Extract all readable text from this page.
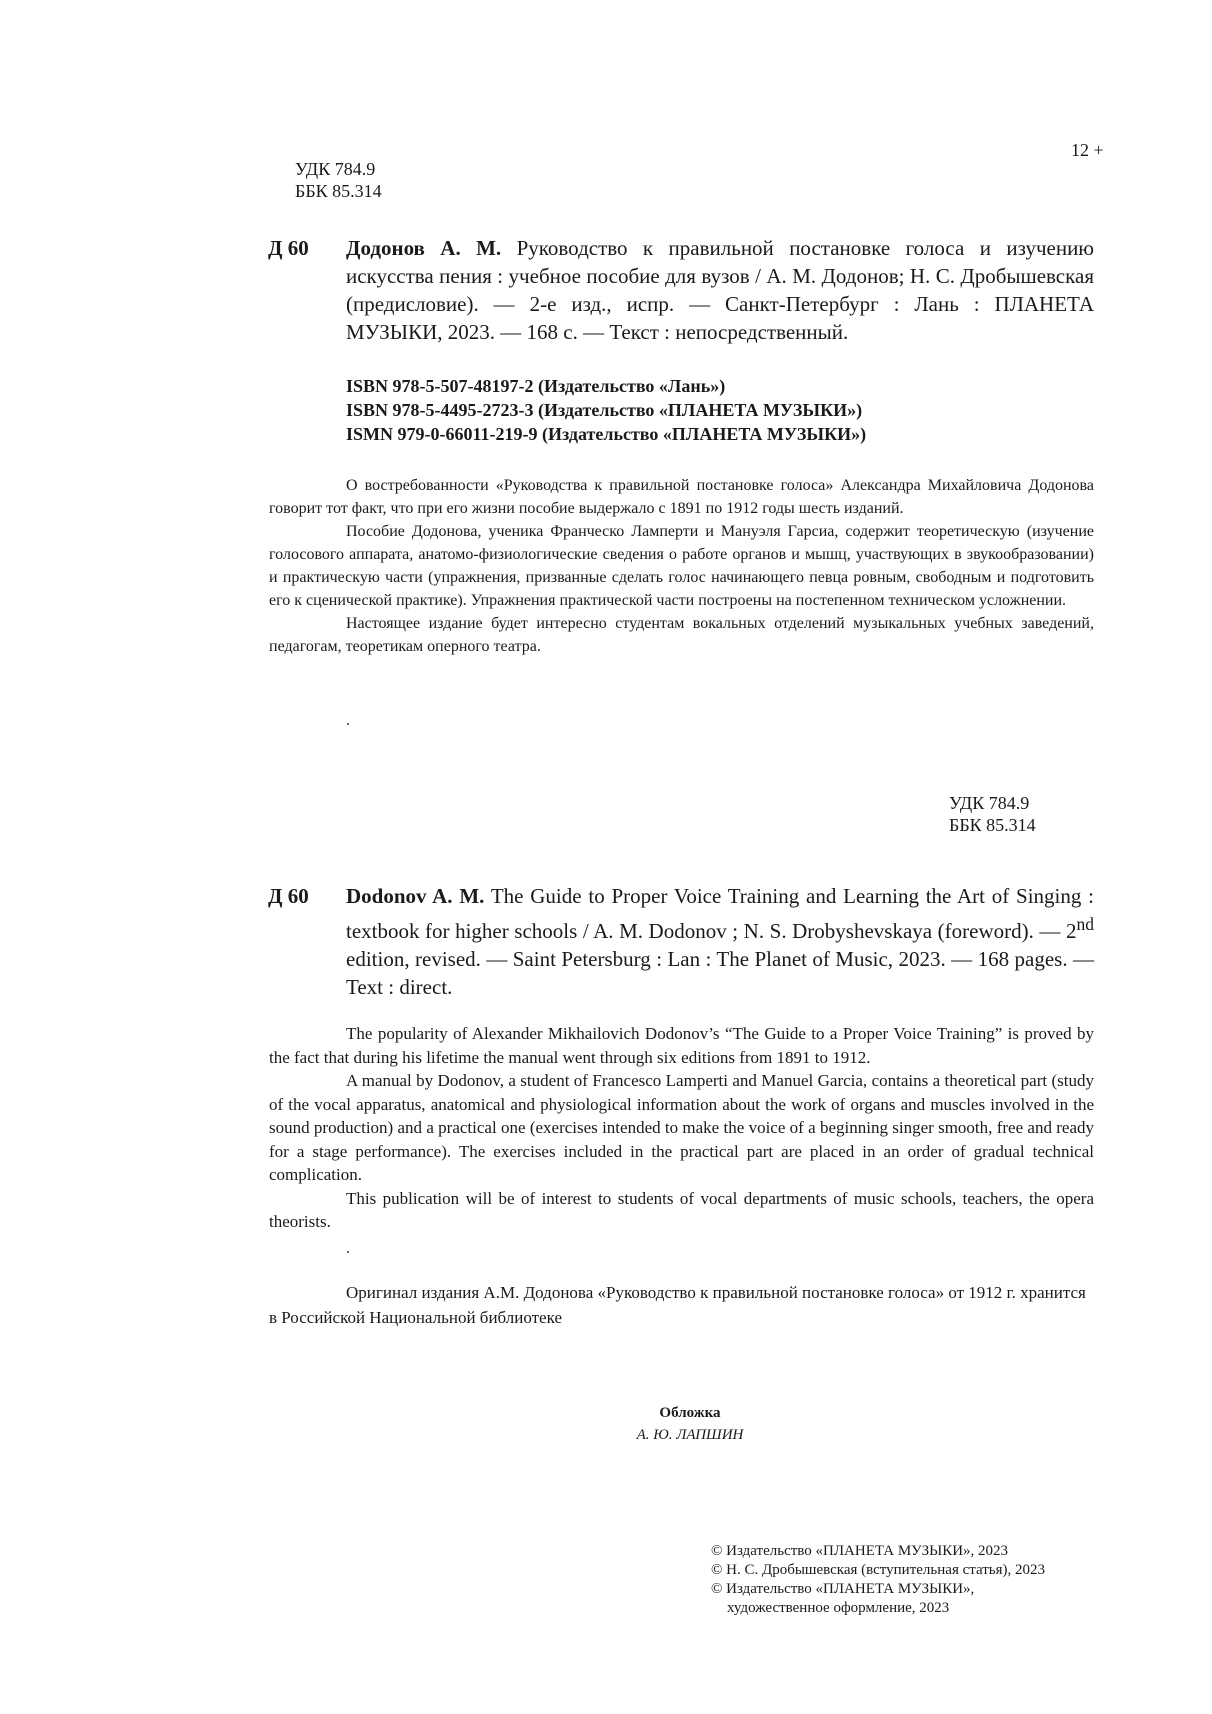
12 +
УДК 784.9
ББК 85.314
Д 60 Додонов А. М. Руководство к правильной постановке голоса и изучению искусства пения : учебное пособие для вузов / А. М. Додонов; Н. С. Дробышевская (предисловие). — 2-е изд., испр. — Санкт-Петербург : Лань : ПЛАНЕТА МУЗЫКИ, 2023. — 168 с. — Текст : непосредственный.
ISBN 978-5-507-48197-2 (Издательство «Лань»)
ISBN 978-5-4495-2723-3 (Издательство «ПЛАНЕТА МУЗЫКИ»)
ISMN 979-0-66011-219-9 (Издательство «ПЛАНЕТА МУЗЫКИ»)

О востребованности «Руководства к правильной постановке голоса» Александра Михайловича Додонова говорит тот факт, что при его жизни пособие выдержало с 1891 по 1912 годы шесть изданий.

Пособие Додонова, ученика Франческо Ламперти и Мануэля Гарсиа, содержит теоретическую (изучение голосового аппарата, анатомо-физиологические сведения о работе органов и мышц, участвующих в звукообразовании) и практическую части (упражнения, призванные сделать голос начинающего певца ровным, свободным и подготовить его к сценической практике). Упражнения практической части построены на постепенном техническом усложнении.

Настоящее издание будет интересно студентам вокальных отделений музыкальных учебных заведений, педагогам, теоретикам оперного театра.

.
УДК 784.9
ББК 85.314
Д 60 Dodonov A. M. The Guide to Proper Voice Training and Learning the Art of Singing : textbook for higher schools / A. M. Dodonov ; N. S. Drobyshevskaya (foreword). — 2nd edition, revised. — Saint Petersburg : Lan : The Planet of Music, 2023. — 168 pages. — Text : direct.

The popularity of Alexander Mikhailovich Dodonov’s “The Guide to a Proper Voice Training” is proved by the fact that during his lifetime the manual went through six editions from 1891 to 1912.

A manual by Dodonov, a student of Francesco Lamperti and Manuel Garcia, contains a theoretical part (study of the vocal apparatus, anatomical and physiological information about the work of organs and muscles involved in the sound production) and a practical one (exercises intended to make the voice of a beginning singer smooth, free and ready for a stage performance). The exercises included in the practical part are placed in an order of gradual technical complication.

This publication will be of interest to students of vocal departments of music schools, teachers, the opera theorists.

.

Оригинал издания А.М. Додонова «Руководство к правильной постановке голоса» от 1912 г. хранится в Российской Национальной библиотеке

Обложка
А. Ю. ЛАПШИН
© Издательство «ПЛАНЕТА МУЗЫКИ», 2023
© Н. С. Дробышевская (вступительная статья), 2023
© Издательство «ПЛАНЕТА МУЗЫКИ»,
художественное оформление, 2023
